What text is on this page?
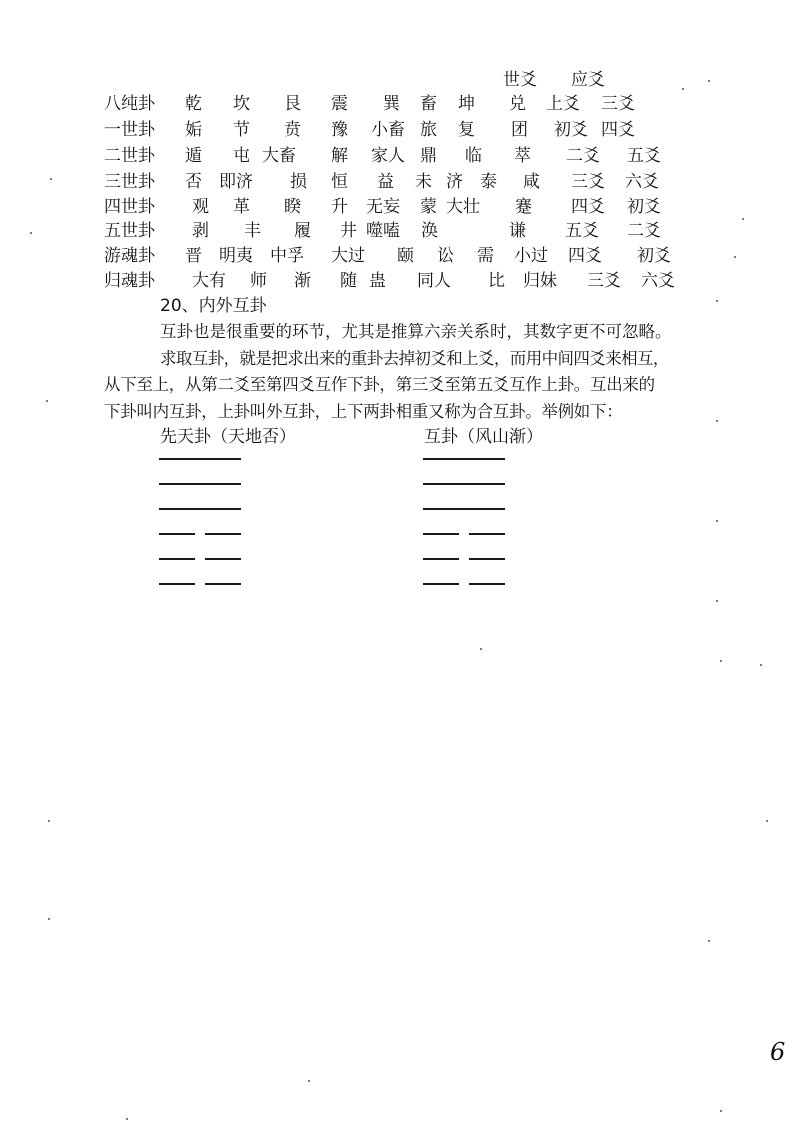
世爻 应爻
八纯卦 乾 坎 艮 震 巽 畜 坤 兑 上爻 三爻
一世卦 姤 节 贲 豫 小畜 旅 复 团 初爻 四爻
二世卦 遁 屯 大畜 解 家人 鼎 临 萃 二爻 五爻
三世卦 否 即济 损 恒 益 未 济 泰 咸 三爻 六爻
四世卦 观 革 睽 升 无妄 蒙 大壮 蹇 四爻 初爻
五世卦 剥 丰 履 井 噬嗑 涣	谦 五爻 二爻
游魂卦 晋 明夷 中孚 大过 颐 讼 需 小过 四爻 初爻
归魂卦 大有 师 渐 随 蛊 同人 比 归妹 三爻 六爻
20、内外互卦
互卦也是很重要的环节，尤其是推算六亲关系时，其数字更不可忽略。
求取互卦，就是把求出来的重卦去掉初爻和上爻，而用中间四爻来相互，
从下至上，从第二爻至第四爻互作下卦，第三爻至第五爻互作上卦。互出来的
下卦叫内互卦，上卦叫外互卦，上下两卦相重又称为合互卦。举例如下：
先天卦（天地否）	互卦（风山渐）
6
